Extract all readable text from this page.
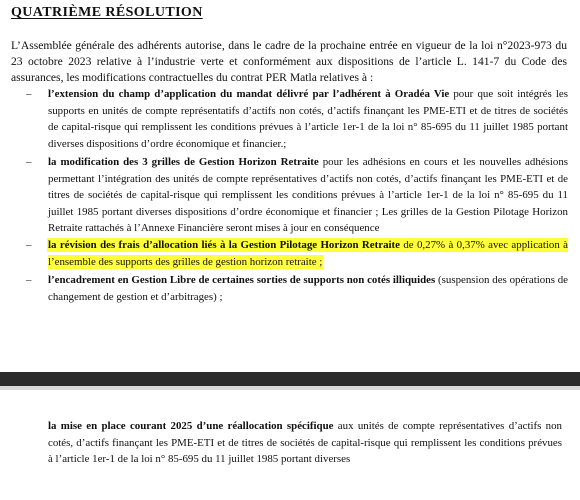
QUATRIÈME RÉSOLUTION

L’Assemblée générale des adhérents autorise, dans le cadre de la prochaine entrée en vigueur de la loi n°2023-973 du 23 octobre 2023 relative à l’industrie verte et conformément aux dispositions de l’article L. 141-7 du Code des assurances, les modifications contractuelles du contrat PER Matla relatives à :

– l’extension du champ d’application du mandat délivré par l’adhérent à Oradéa Vie pour que soit intégrés les supports en unités de compte représentatifs d’actifs non cotés, d’actifs finançant les PME-ETI et de titres de sociétés de capital-risque qui remplissent les conditions prévues à l’article 1er-1 de la loi n° 85-695 du 11 juillet 1985 portant diverses dispositions d’ordre économique et financier.;
– la modification des 3 grilles de Gestion Horizon Retraite pour les adhésions en cours et les nouvelles adhésions permettant l’intégration des unités de compte représentatives d’actifs non cotés, d’actifs finançant les PME-ETI et de titres de sociétés de capital-risque qui remplissent les conditions prévues à l’article 1er-1 de la loi n° 85-695 du 11 juillet 1985 portant diverses dispositions d’ordre économique et financier ; Les grilles de la Gestion Pilotage Horizon Retraite rattachés à l’Annexe Financière seront mises à jour en conséquence
– la révision des frais d’allocation liés à la Gestion Pilotage Horizon Retraite de 0,27% à 0,37% avec application à l’ensemble des supports des grilles de gestion horizon retraite ;
– l’encadrement en Gestion Libre de certaines sorties de supports non cotés illiquides (suspension des opérations de changement de gestion et d’arbitrages) ;
la mise en place courant 2025 d’une réallocation spécifique aux unités de compte représentatives d’actifs non cotés, d’actifs finançant les PME-ETI et de titres de sociétés de capital-risque qui remplissent les conditions prévues à l’article 1er-1 de la loi n° 85-695 du 11 juillet 1985 portant diverses
